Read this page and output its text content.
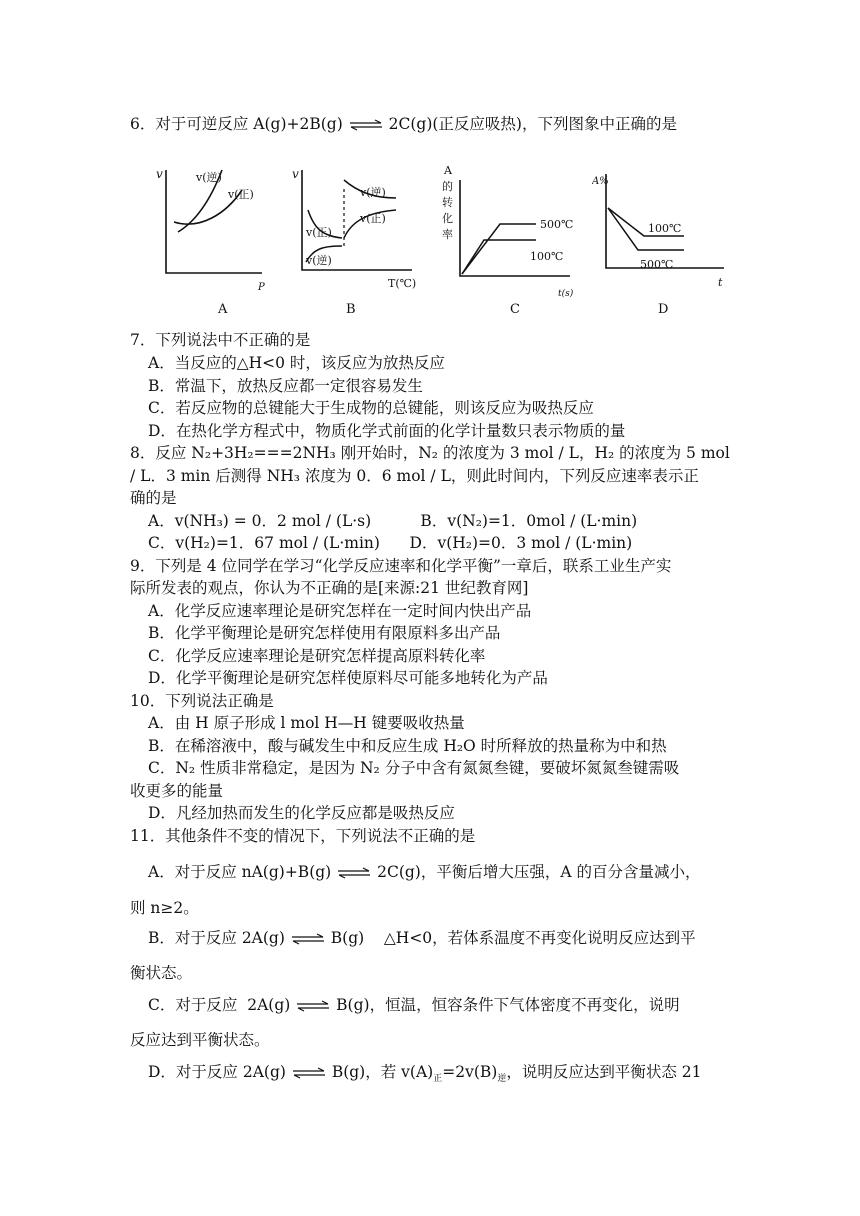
6．对于可逆反应 A(g)+2B(g) ⇌ 2C(g)(正反应吸热)，下列图象中正确的是
v
P
v(逆)
v(正)
A
v
T(℃)
v(逆)
v(正)
v(正)
v(逆)
B
A
的
转
化
率
t(s)
500℃
100℃
C
A%
t
100℃
500℃
D
7．下列说法中不正确的是
A．当反应的△H<0 时，该反应为放热反应
B．常温下，放热反应都一定很容易发生
C．若反应物的总键能大于生成物的总键能，则该反应为吸热反应
D．在热化学方程式中，物质化学式前面的化学计量数只表示物质的量
8．反应 N₂+3H₂===2NH₃ 刚开始时，N₂ 的浓度为 3 mol / L，H₂ 的浓度为 5 mol
/ L．3 min 后测得 NH₃ 浓度为 0．6 mol / L，则此时间内，下列反应速率表示正
确的是
A．v(NH₃) = 0．2 mol / (L·s)          B．v(N₂)=1．0mol / (L·min)
C．v(H₂)=1．67 mol / (L·min)      D．v(H₂)=0．3 mol / (L·min)
9．下列是 4 位同学在学习“化学反应速率和化学平衡”一章后，联系工业生产实
际所发表的观点，你认为不正确的是[来源:21 世纪教育网]
A．化学反应速率理论是研究怎样在一定时间内快出产品
B．化学平衡理论是研究怎样使用有限原料多出产品
C．化学反应速率理论是研究怎样提高原料转化率
D．化学平衡理论是研究怎样使原料尽可能多地转化为产品
10．下列说法正确是
A．由 H 原子形成 l mol H—H 键要吸收热量
B．在稀溶液中，酸与碱发生中和反应生成 H₂O 时所释放的热量称为中和热
C．N₂ 性质非常稳定，是因为 N₂ 分子中含有氮氮叁键，要破坏氮氮叁键需吸
收更多的能量
D．凡经加热而发生的化学反应都是吸热反应
11．其他条件不变的情况下，下列说法不正确的是
A．对于反应 nA(g)+B(g) ⇌ 2C(g)，平衡后增大压强，A 的百分含量减小，
则 n≥2。
B．对于反应 2A(g) ⇌ B(g)    △H<0，若体系温度不再变化说明反应达到平
衡状态。
C．对于反应  2A(g) ⇌ B(g)，恒温，恒容条件下气体密度不再变化，说明
反应达到平衡状态。
D．对于反应 2A(g) ⇌ B(g)，若 $v(A)_正=2v(B)_逆$，说明反应达到平衡状态 21
